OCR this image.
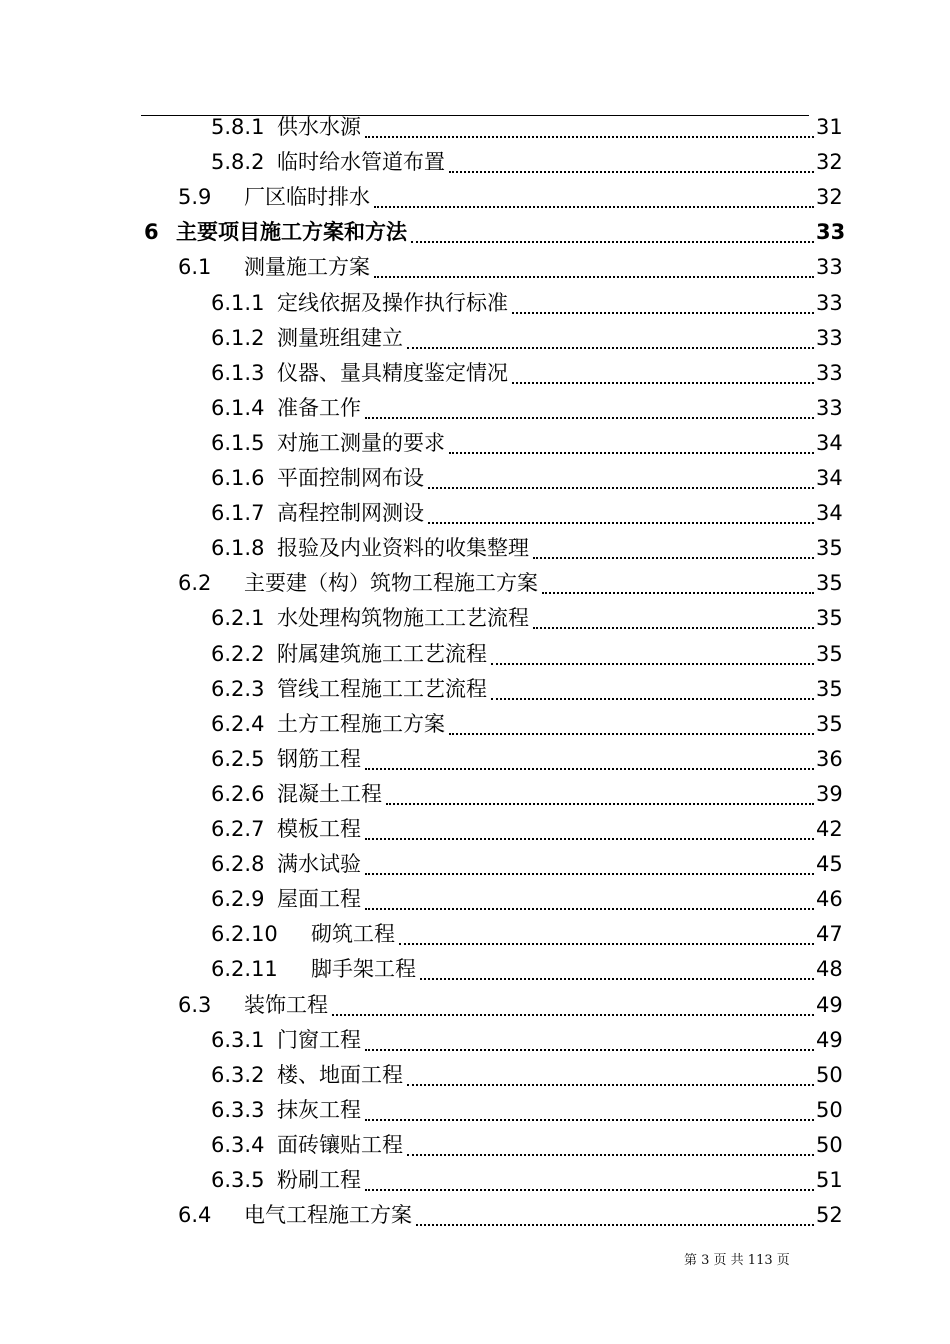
5.8.1 供水水源	31
5.8.2 临时给水管道布置	32
5.9 厂区临时排水	32
6 主要项目施工方案和方法	33
6.1 测量施工方案	33
6.1.1 定线依据及操作执行标准	33
6.1.2 测量班组建立	33
6.1.3 仪器、量具精度鉴定情况	33
6.1.4 准备工作	33
6.1.5 对施工测量的要求	34
6.1.6 平面控制网布设	34
6.1.7 高程控制网测设	34
6.1.8 报验及内业资料的收集整理	35
6.2 主要建（构）筑物工程施工方案	35
6.2.1 水处理构筑物施工工艺流程	35
6.2.2 附属建筑施工工艺流程	35
6.2.3 管线工程施工工艺流程	35
6.2.4 土方工程施工方案	35
6.2.5 钢筋工程	36
6.2.6 混凝土工程	39
6.2.7 模板工程	42
6.2.8 满水试验	45
6.2.9 屋面工程	46
6.2.10 砌筑工程	47
6.2.11 脚手架工程	48
6.3 装饰工程	49
6.3.1 门窗工程	49
6.3.2 楼、地面工程	50
6.3.3 抹灰工程	50
6.3.4 面砖镶贴工程	50
6.3.5 粉刷工程	51
6.4 电气工程施工方案	52
第 3 页 共 113 页
